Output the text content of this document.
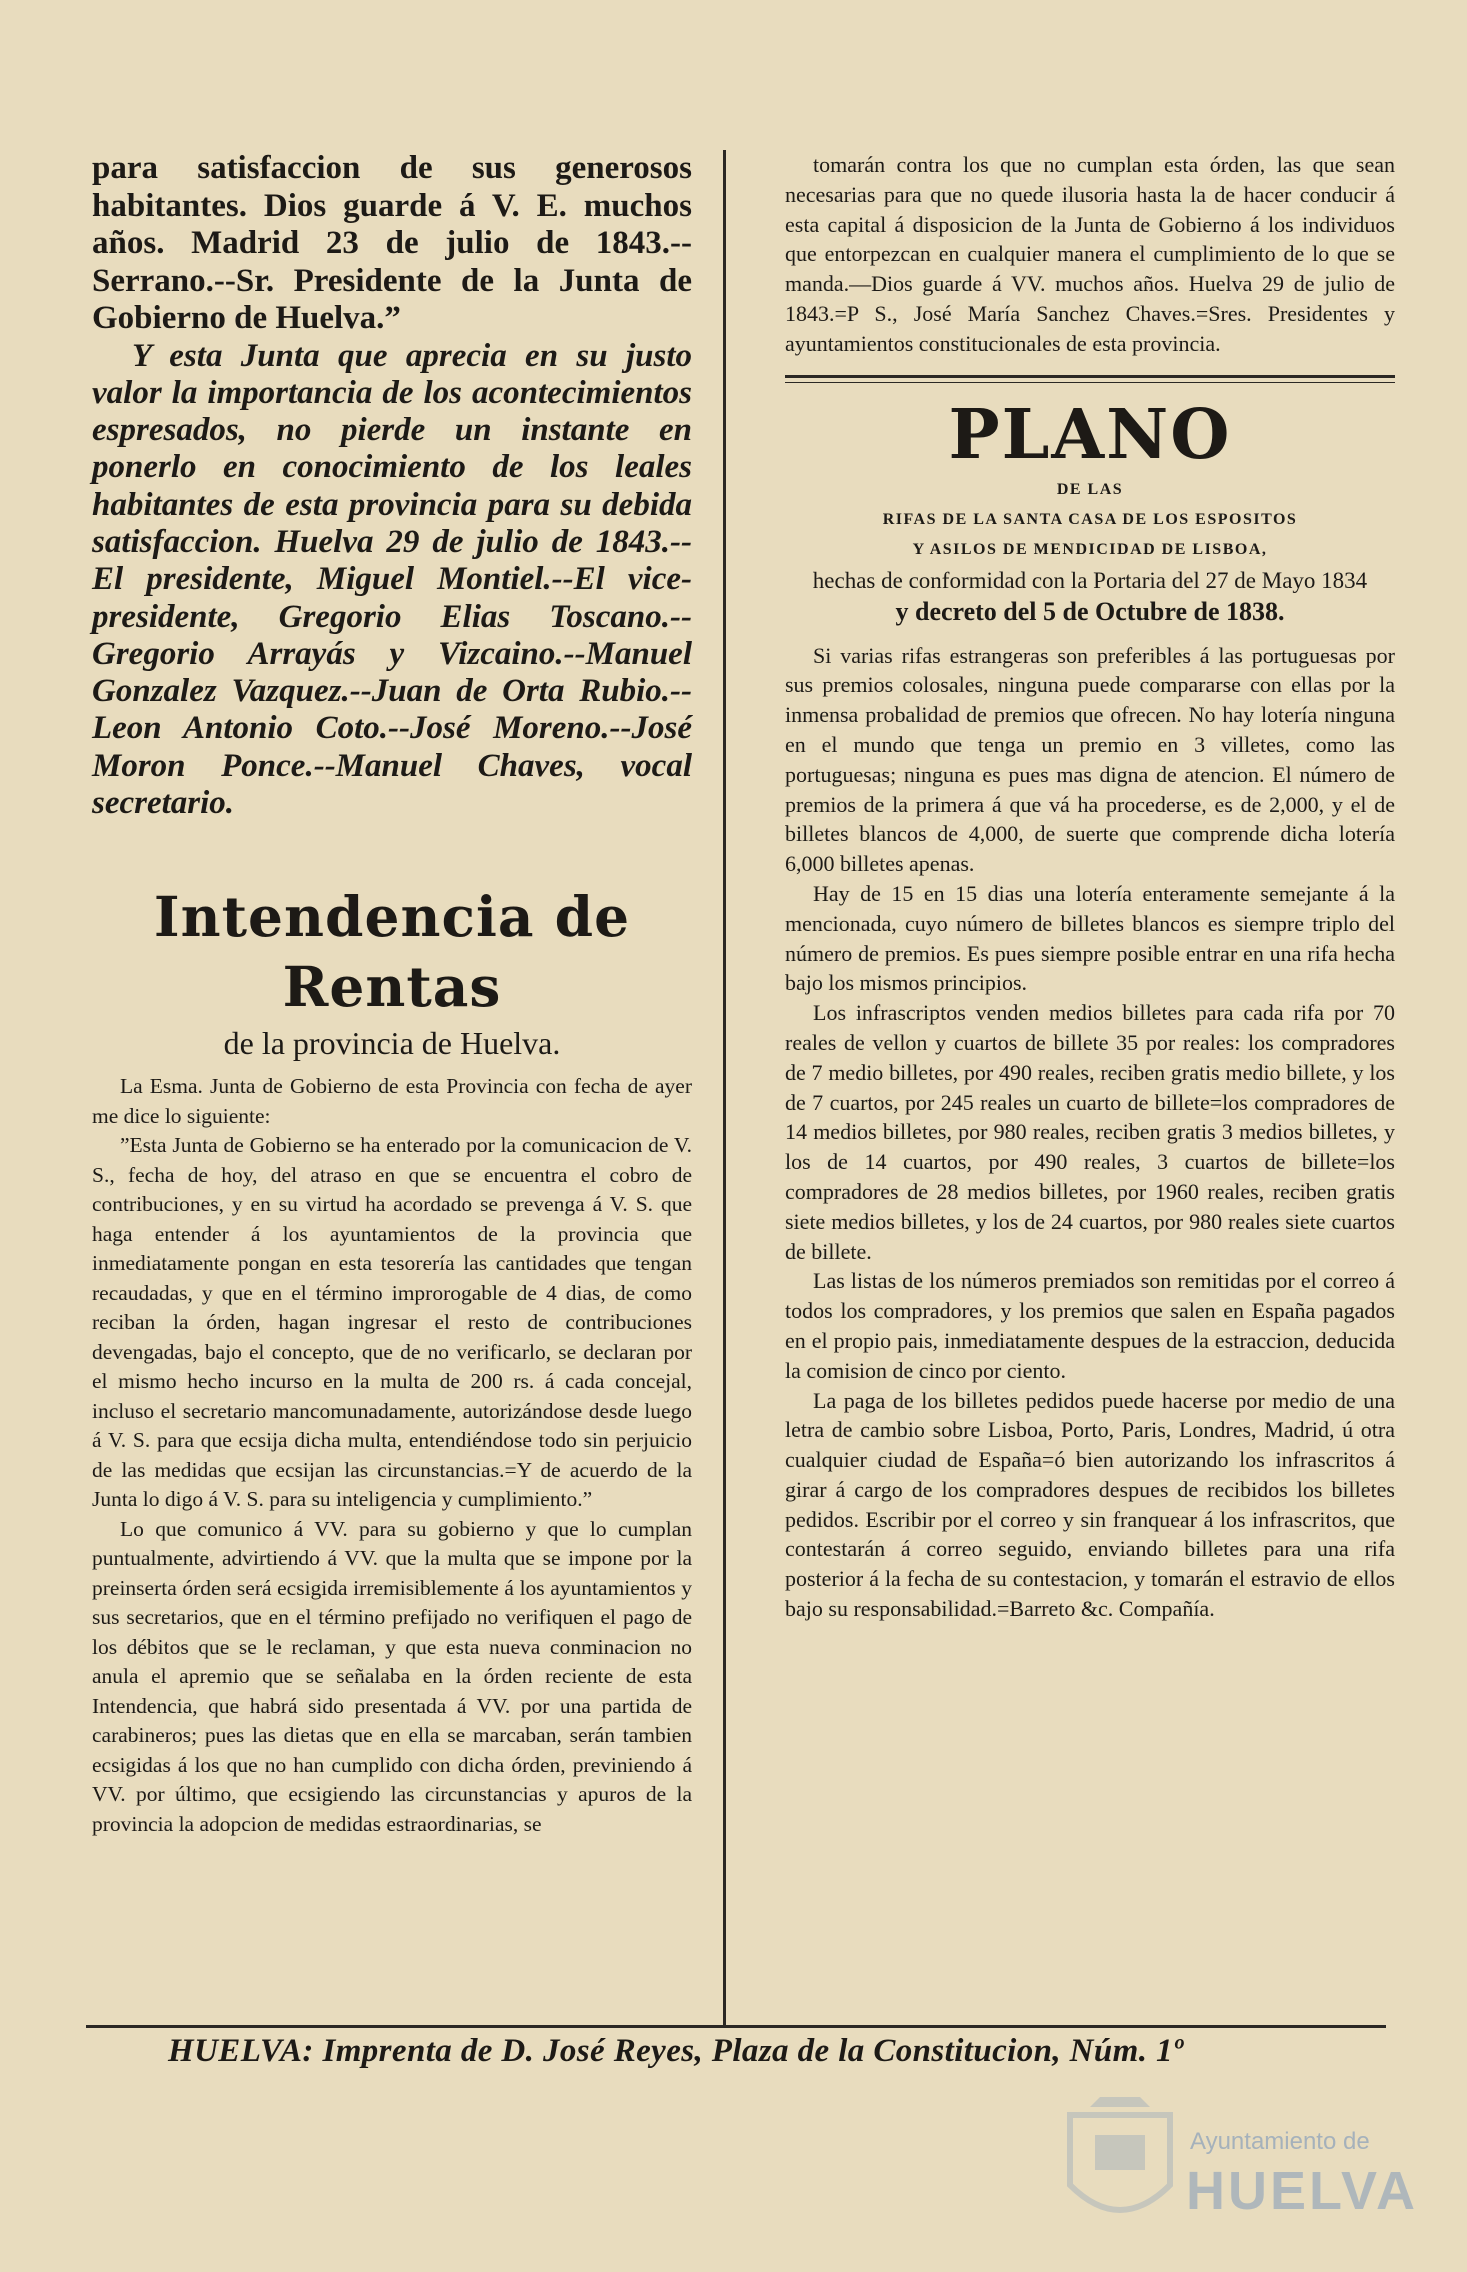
para satisfaccion de sus generosos habitantes. Dios guarde á V. E. muchos años. Madrid 23 de julio de 1843.--Serrano.--Sr. Presidente de la Junta de Gobierno de Huelva.”

Y esta Junta que aprecia en su justo valor la importancia de los acontecimientos espresados, no pierde un instante en ponerlo en conocimiento de los leales habitantes de esta provincia para su debida satisfaccion. Huelva 29 de julio de 1843.--El presidente, Miguel Montiel.--El vice-presidente, Gregorio Elias Toscano.--Gregorio Arrayás y Vizcaino.--Manuel Gonzalez Vazquez.--Juan de Orta Rubio.--Leon Antonio Coto.--José Moreno.--José Moron Ponce.--Manuel Chaves, vocal secretario.

Intendencia de Rentas
de la provincia de Huelva.

La Esma. Junta de Gobierno de esta Provincia con fecha de ayer me dice lo siguiente:

”Esta Junta de Gobierno se ha enterado por la comunicacion de V. S., fecha de hoy, del atraso en que se encuentra el cobro de contribuciones, y en su virtud ha acordado se prevenga á V. S. que haga entender á los ayuntamientos de la provincia que inmediatamente pongan en esta tesorería las cantidades que tengan recaudadas, y que en el término improrogable de 4 dias, de como reciban la órden, hagan ingresar el resto de contribuciones devengadas, bajo el concepto, que de no verificarlo, se declaran por el mismo hecho incurso en la multa de 200 rs. á cada concejal, incluso el secretario mancomunadamente, autorizándose desde luego á V. S. para que ecsija dicha multa, entendiéndose todo sin perjuicio de las medidas que ecsijan las circunstancias.=Y de acuerdo de la Junta lo digo á V. S. para su inteligencia y cumplimiento.”

Lo que comunico á VV. para su gobierno y que lo cumplan puntualmente, advirtiendo á VV. que la multa que se impone por la preinserta órden será ecsigida irremisiblemente á los ayuntamientos y sus secretarios, que en el término prefijado no verifiquen el pago de los débitos que se le reclaman, y que esta nueva conminacion no anula el apremio que se señalaba en la órden reciente de esta Intendencia, que habrá sido presentada á VV. por una partida de carabineros; pues las dietas que en ella se marcaban, serán tambien ecsigidas á los que no han cumplido con dicha órden, previniendo á VV. por último, que ecsigiendo las circunstancias y apuros de la provincia la adopcion de medidas estraordinarias, se

tomarán contra los que no cumplan esta órden, las que sean necesarias para que no quede ilusoria hasta la de hacer conducir á esta capital á disposicion de la Junta de Gobierno á los individuos que entorpezcan en cualquier manera el cumplimiento de lo que se manda.—Dios guarde á VV. muchos años. Huelva 29 de julio de 1843.=P S., José María Sanchez Chaves.=Sres. Presidentes y ayuntamientos constitucionales de esta provincia.

PLANO
DE LAS
RIFAS DE LA SANTA CASA DE LOS ESPOSITOS
Y ASILOS DE MENDICIDAD DE LISBOA,
hechas de conformidad con la Portaria del 27 de Mayo 1834
y decreto del 5 de Octubre de 1838.

Si varias rifas estrangeras son preferibles á las portuguesas por sus premios colosales, ninguna puede compararse con ellas por la inmensa probalidad de premios que ofrecen. No hay lotería ninguna en el mundo que tenga un premio en 3 villetes, como las portuguesas; ninguna es pues mas digna de atencion. El número de premios de la primera á que vá ha procederse, es de 2,000, y el de billetes blancos de 4,000, de suerte que comprende dicha lotería 6,000 billetes apenas.

Hay de 15 en 15 dias una lotería enteramente semejante á la mencionada, cuyo número de billetes blancos es siempre triplo del número de premios. Es pues siempre posible entrar en una rifa hecha bajo los mismos principios.

Los infrascriptos venden medios billetes para cada rifa por 70 reales de vellon y cuartos de billete 35 por reales: los compradores de 7 medio billetes, por 490 reales, reciben gratis medio billete, y los de 7 cuartos, por 245 reales un cuarto de billete=los compradores de 14 medios billetes, por 980 reales, reciben gratis 3 medios billetes, y los de 14 cuartos, por 490 reales, 3 cuartos de billete=los compradores de 28 medios billetes, por 1960 reales, reciben gratis siete medios billetes, y los de 24 cuartos, por 980 reales siete cuartos de billete.

Las listas de los números premiados son remitidas por el correo á todos los compradores, y los premios que salen en España pagados en el propio pais, inmediatamente despues de la estraccion, deducida la comision de cinco por ciento.

La paga de los billetes pedidos puede hacerse por medio de una letra de cambio sobre Lisboa, Porto, Paris, Londres, Madrid, ú otra cualquier ciudad de España=ó bien autorizando los infrascritos á girar á cargo de los compradores despues de recibidos los billetes pedidos. Escribir por el correo y sin franquear á los infrascritos, que contestarán á correo seguido, enviando billetes para una rifa posterior á la fecha de su contestacion, y tomarán el estravio de ellos bajo su responsabilidad.=Barreto &c. Compañía.

HUELVA: Imprenta de D. José Reyes, Plaza de la Constitucion, Núm. 1º
Ayuntamiento de
HUELVA
